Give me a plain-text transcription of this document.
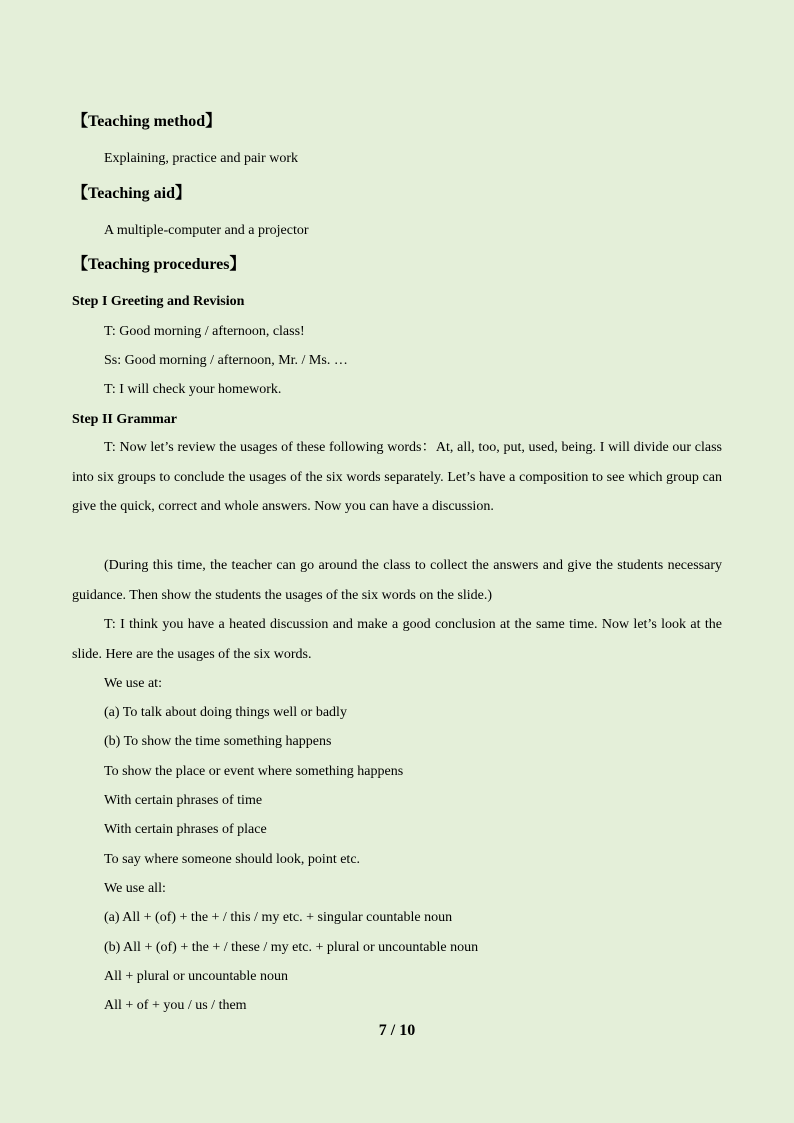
【Teaching method】
Explaining, practice and pair work
【Teaching aid】
A multiple-computer and a projector
【Teaching procedures】
Step I Greeting and Revision
T: Good morning / afternoon, class!
Ss: Good morning / afternoon, Mr. / Ms. …
T: I will check your homework.
Step II Grammar
T: Now let’s review the usages of these following words：At, all, too, put, used, being. I will divide our class into six groups to conclude the usages of the six words separately. Let’s have a composition to see which group can give the quick, correct and whole answers. Now you can have a discussion.
(During this time, the teacher can go around the class to collect the answers and give the students necessary guidance. Then show the students the usages of the six words on the slide.)
T: I think you have a heated discussion and make a good conclusion at the same time. Now let’s look at the slide. Here are the usages of the six words.
We use at:
(a) To talk about doing things well or badly
(b) To show the time something happens
To show the place or event where something happens
With certain phrases of time
With certain phrases of place
To say where someone should look, point etc.
We use all:
(a) All + (of) + the + / this / my etc. + singular countable noun
(b) All + (of) + the + / these / my etc. + plural or uncountable noun
All + plural or uncountable noun
All + of + you / us / them
7 / 10
